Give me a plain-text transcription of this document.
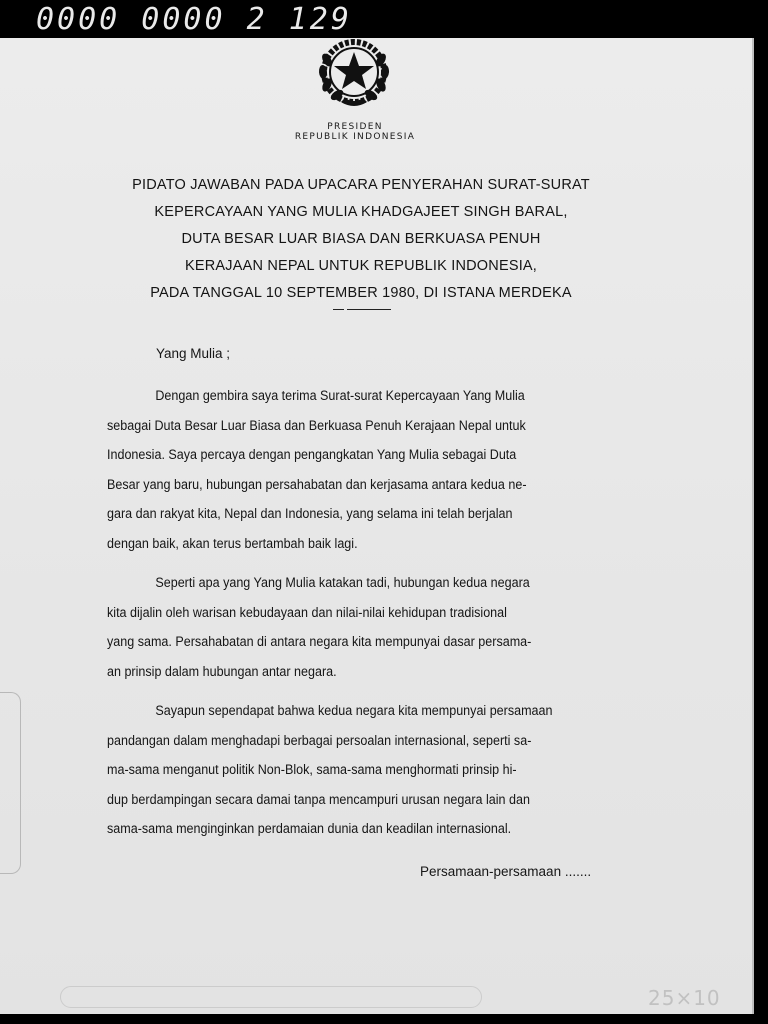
0000 0000 2 129
PRESIDEN
REPUBLIK INDONESIA
PIDATO JAWABAN PADA UPACARA PENYERAHAN SURAT-SURAT
KEPERCAYAAN YANG MULIA KHADGAJEET SINGH BARAL,
DUTA BESAR LUAR BIASA DAN BERKUASA PENUH
KERAJAAN NEPAL UNTUK REPUBLIK INDONESIA,
PADA TANGGAL 10 SEPTEMBER 1980, DI ISTANA MERDEKA
Yang Mulia ;
Dengan gembira saya terima Surat-surat Kepercayaan Yang Mulia
sebagai Duta Besar Luar Biasa dan Berkuasa Penuh Kerajaan Nepal untuk
Indonesia. Saya percaya dengan pengangkatan Yang Mulia sebagai Duta
Besar yang baru, hubungan persahabatan dan kerjasama antara kedua ne-
gara dan rakyat kita, Nepal dan Indonesia, yang selama ini telah berjalan
dengan baik, akan terus bertambah baik lagi.
Seperti apa yang Yang Mulia katakan tadi, hubungan kedua negara
kita dijalin oleh warisan kebudayaan dan nilai-nilai kehidupan tradisional
yang sama. Persahabatan di antara negara kita mempunyai dasar persama-
an prinsip dalam hubungan antar negara.
Sayapun sependapat bahwa kedua negara kita mempunyai persamaan
pandangan dalam menghadapi berbagai persoalan internasional, seperti sa-
ma-sama menganut politik Non-Blok, sama-sama menghormati prinsip hi-
dup berdampingan secara damai tanpa mencampuri urusan negara lain dan
sama-sama menginginkan perdamaian dunia dan keadilan internasional.
Persamaan-persamaan .......
25×10
